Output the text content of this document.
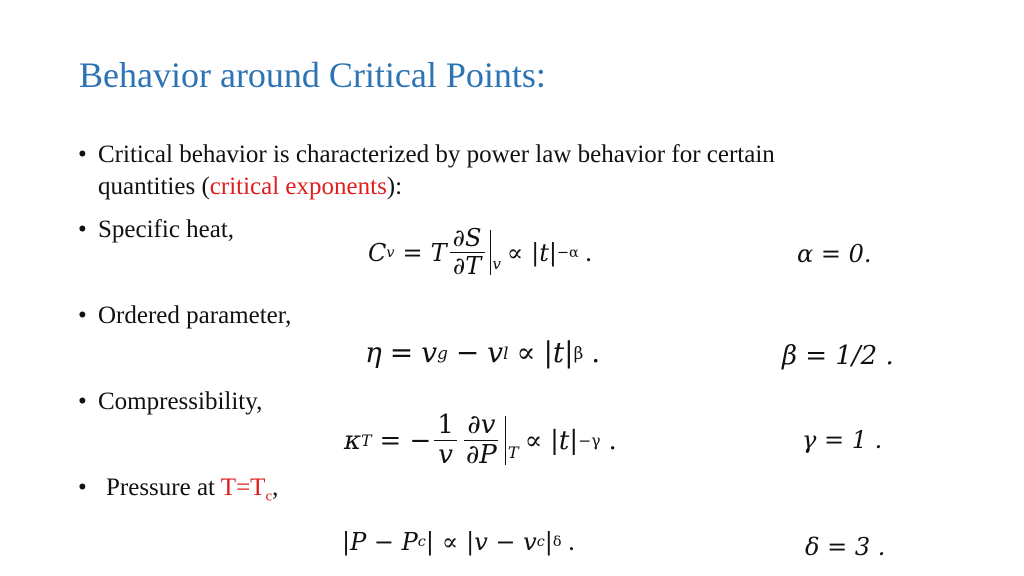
Behavior around Critical Points:
• Critical behavior is characterized by power law behavior for certain
quantities (critical exponents):
• Specific heat,
• Ordered parameter,
• Compressibility,
• Pressure at $T=T_c$,
C v = T $\frac{\partial S}{\partial T}$ v ∝ |t| −α .	α = 0.
η = v g − v l ∝ |t| β .	β = 1/2 .
κ T = − $\frac{1}{v} \frac{\partial v}{\partial P}$ T ∝ |t| −γ .	γ = 1 .
|P − P c | ∝ |v − v c | δ .	δ = 3 .
